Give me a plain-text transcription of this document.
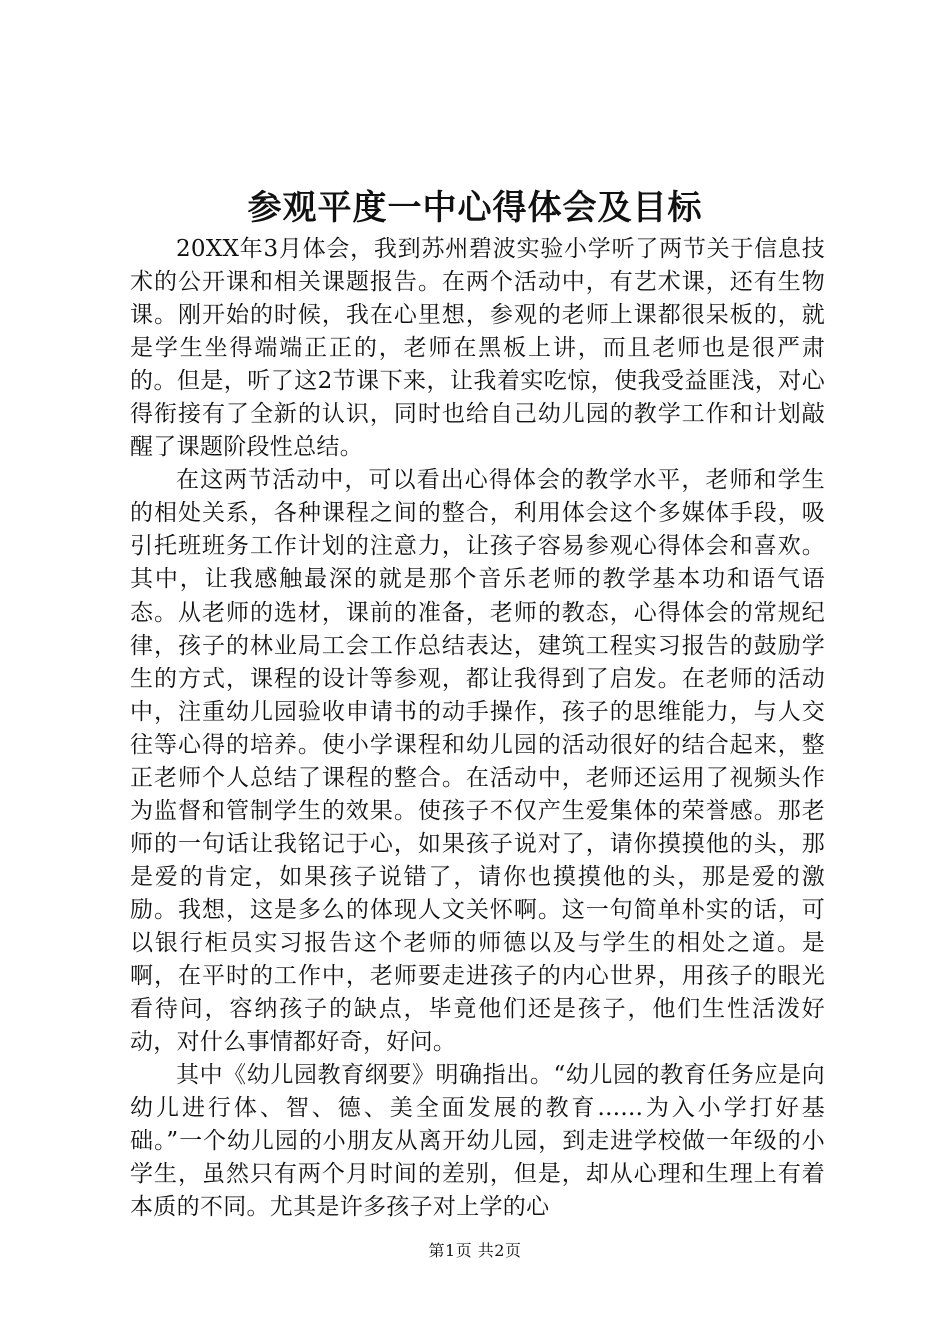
参观平度一中心得体会及目标

20XX年3月体会，我到苏州碧波实验小学听了两节关于信息技术的公开课和相关课题报告。在两个活动中，有艺术课，还有生物课。刚开始的时候，我在心里想，参观的老师上课都很呆板的，就是学生坐得端端正正的，老师在黑板上讲，而且老师也是很严肃的。但是，听了这2节课下来，让我着实吃惊，使我受益匪浅，对心得衔接有了全新的认识，同时也给自己幼儿园的教学工作和计划敲醒了课题阶段性总结。

在这两节活动中，可以看出心得体会的教学水平，老师和学生的相处关系，各种课程之间的整合，利用体会这个多媒体手段，吸引托班班务工作计划的注意力，让孩子容易参观心得体会和喜欢。其中，让我感触最深的就是那个音乐老师的教学基本功和语气语态。从老师的选材，课前的准备，老师的教态，心得体会的常规纪律，孩子的林业局工会工作总结表达，建筑工程实习报告的鼓励学生的方式，课程的设计等参观，都让我得到了启发。在老师的活动中，注重幼儿园验收申请书的动手操作，孩子的思维能力，与人交往等心得的培养。使小学课程和幼儿园的活动很好的结合起来，整正老师个人总结了课程的整合。在活动中，老师还运用了视频头作为监督和管制学生的效果。使孩子不仅产生爱集体的荣誉感。那老师的一句话让我铭记于心，如果孩子说对了，请你摸摸他的头，那是爱的肯定，如果孩子说错了，请你也摸摸他的头，那是爱的激励。我想，这是多么的体现人文关怀啊。这一句简单朴实的话，可以银行柜员实习报告这个老师的师德以及与学生的相处之道。是啊，在平时的工作中，老师要走进孩子的内心世界，用孩子的眼光看待问，容纳孩子的缺点，毕竟他们还是孩子，他们生性活泼好动，对什么事情都好奇，好问。

其中《幼儿园教育纲要》明确指出。“幼儿园的教育任务应是向幼儿进行体、智、德、美全面发展的教育......为入小学打好基础。”一个幼儿园的小朋友从离开幼儿园，到走进学校做一年级的小学生，虽然只有两个月时间的差别，但是，却从心理和生理上有着本质的不同。尤其是许多孩子对上学的心

第1页 共2页
